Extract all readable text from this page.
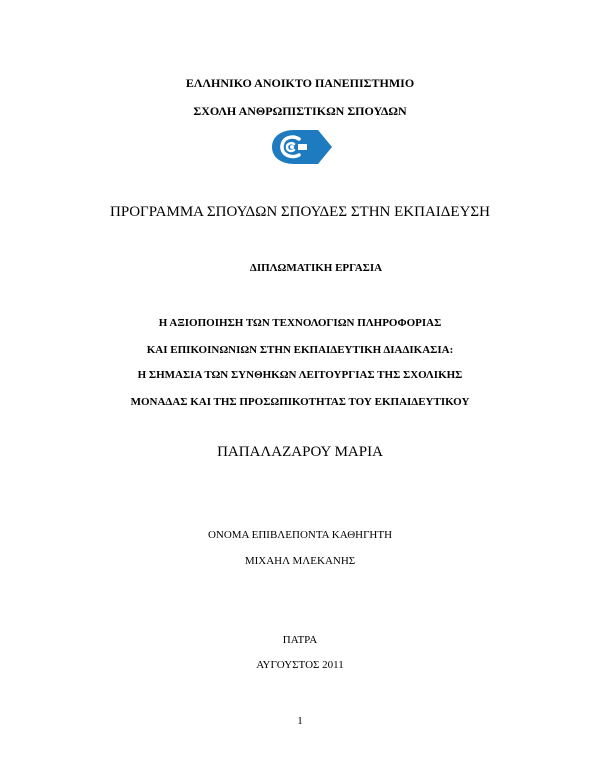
ΕΛΛΗΝΙΚΟ ΑΝΟΙΚΤΟ ΠΑΝΕΠΙΣΤΗΜΙΟ
ΣΧΟΛΗ ΑΝΘΡΩΠΙΣΤΙΚΩΝ ΣΠΟΥΔΩΝ
ΠΡΟΓΡΑΜΜΑ ΣΠΟΥΔΩΝ ΣΠΟΥΔΕΣ ΣΤΗΝ ΕΚΠΑΙΔΕΥΣΗ
ΔΙΠΛΩΜΑΤΙΚΗ ΕΡΓΑΣΙΑ
Η ΑΞΙΟΠΟΙΗΣΗ ΤΩΝ ΤΕΧΝΟΛΟΓΙΩΝ ΠΛΗΡΟΦΟΡΙΑΣ
ΚΑΙ ΕΠΙΚΟΙΝΩΝΙΩΝ ΣΤΗΝ ΕΚΠΑΙΔΕΥΤΙΚΗ ΔΙΑΔΙΚΑΣΙΑ:
Η ΣΗΜΑΣΙΑ ΤΩΝ ΣΥΝΘΗΚΩΝ ΛΕΙΤΟΥΡΓΙΑΣ ΤΗΣ ΣΧΟΛΙΚΗΣ
ΜΟΝΑΔΑΣ ΚΑΙ ΤΗΣ ΠΡΟΣΩΠΙΚΟΤΗΤΑΣ ΤΟΥ ΕΚΠΑΙΔΕΥΤΙΚΟΥ
ΠΑΠΑΛΑΖΑΡΟΥ ΜΑΡΙΑ
ΟΝΟΜΑ ΕΠΙΒΛΕΠΟΝΤΑ ΚΑΘΗΓΗΤΗ
ΜΙΧΑΗΛ ΜΛΕΚΑΝΗΣ
ΠΑΤΡΑ
ΑΥΓΟΥΣΤΟΣ 2011
1
